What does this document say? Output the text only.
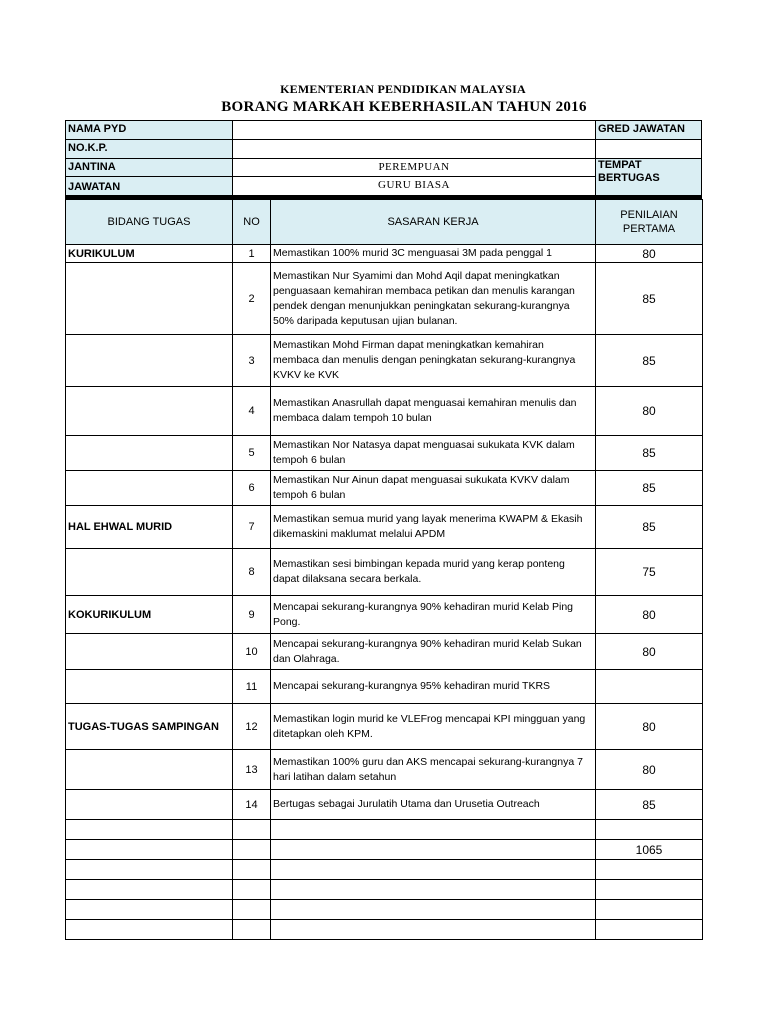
KEMENTERIAN PENDIDIKAN MALAYSIA
BORANG MARKAH KEBERHASILAN TAHUN 2016
NAMA PYD	GRED JAWATAN
NO.K.P.
JANTINA	PEREMPUAN	TEMPAT BERTUGAS
JAWATAN	GURU BIASA
BIDANG TUGAS	NO	SASARAN KERJA	PENILAIAN PERTAMA
KURIKULUM	1	Memastikan 100% murid 3C menguasai 3M pada penggal 1	80
	2	Memastikan Nur Syamimi dan Mohd Aqil dapat meningkatkan penguasaan kemahiran membaca petikan dan menulis karangan pendek dengan menunjukkan peningkatan sekurang-kurangnya 50% daripada keputusan ujian bulanan.	85
	3	Memastikan Mohd Firman dapat meningkatkan kemahiran membaca dan menulis dengan peningkatan sekurang-kurangnya KVKV ke KVK	85
	4	Memastikan Anasrullah dapat menguasai kemahiran menulis dan membaca dalam tempoh 10 bulan	80
	5	Memastikan Nor Natasya dapat menguasai sukukata KVK dalam tempoh 6 bulan	85
	6	Memastikan Nur Ainun dapat menguasai sukukata KVKV dalam tempoh 6 bulan	85
HAL EHWAL MURID	7	Memastikan semua murid yang layak menerima KWAPM & Ekasih dikemaskini maklumat melalui APDM	85
	8	Memastikan sesi bimbingan kepada murid yang kerap ponteng dapat dilaksana secara berkala.	75
KOKURIKULUM	9	Mencapai sekurang-kurangnya 90% kehadiran murid Kelab Ping Pong.	80
	10	Mencapai sekurang-kurangnya 90% kehadiran murid Kelab Sukan dan Olahraga.	80
	11	Mencapai sekurang-kurangnya 95% kehadiran murid TKRS	
TUGAS-TUGAS SAMPINGAN	12	Memastikan login murid ke VLEFrog mencapai KPI mingguan yang ditetapkan oleh KPM.	80
	13	Memastikan 100% guru dan AKS mencapai sekurang-kurangnya 7 hari latihan dalam setahun	80
	14	Bertugas sebagai Jurulatih Utama dan Urusetia Outreach	85

			1065
